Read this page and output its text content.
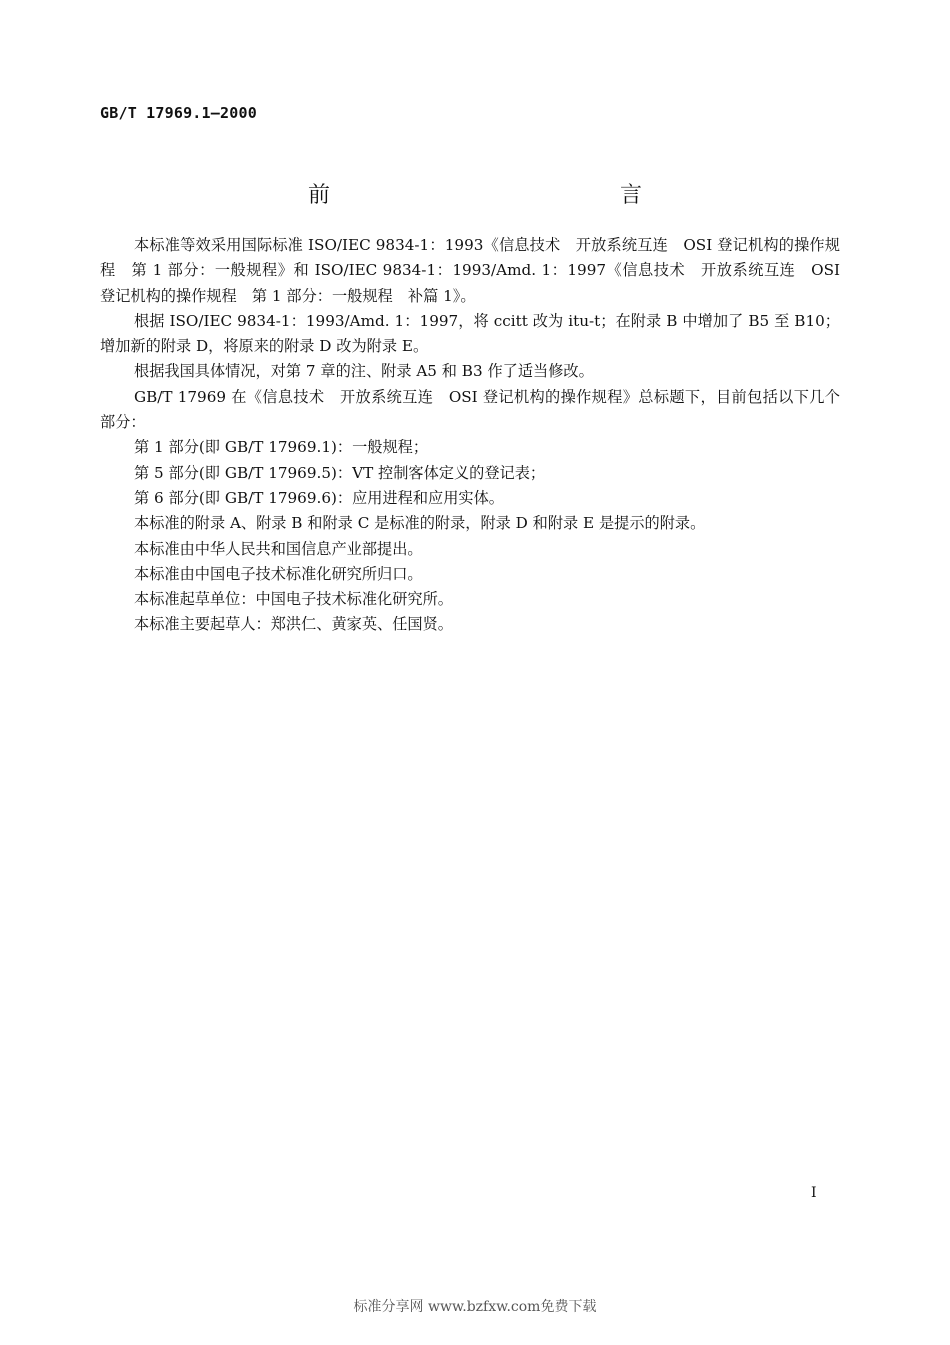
GB/T 17969.1—2000
前　　言

本标准等效采用国际标准 ISO/IEC 9834-1：1993《信息技术　开放系统互连　OSI 登记机构的操作规程　第 1 部分：一般规程》和 ISO/IEC 9834-1：1993/Amd. 1：1997《信息技术　开放系统互连　OSI 登记机构的操作规程　第 1 部分：一般规程　补篇 1》。

根据 ISO/IEC 9834-1：1993/Amd. 1：1997，将 ccitt 改为 itu-t；在附录 B 中增加了 B5 至 B10；增加新的附录 D，将原来的附录 D 改为附录 E。

根据我国具体情况，对第 7 章的注、附录 A5 和 B3 作了适当修改。

GB/T 17969 在《信息技术　开放系统互连　OSI 登记机构的操作规程》总标题下，目前包括以下几个部分：

第 1 部分(即 GB/T 17969.1)：一般规程；

第 5 部分(即 GB/T 17969.5)：VT 控制客体定义的登记表；

第 6 部分(即 GB/T 17969.6)：应用进程和应用实体。

本标准的附录 A、附录 B 和附录 C 是标准的附录，附录 D 和附录 E 是提示的附录。

本标准由中华人民共和国信息产业部提出。

本标准由中国电子技术标准化研究所归口。

本标准起草单位：中国电子技术标准化研究所。

本标准主要起草人：郑洪仁、黄家英、任国贤。

I
标准分享网 www.bzfxw.com免费下载
